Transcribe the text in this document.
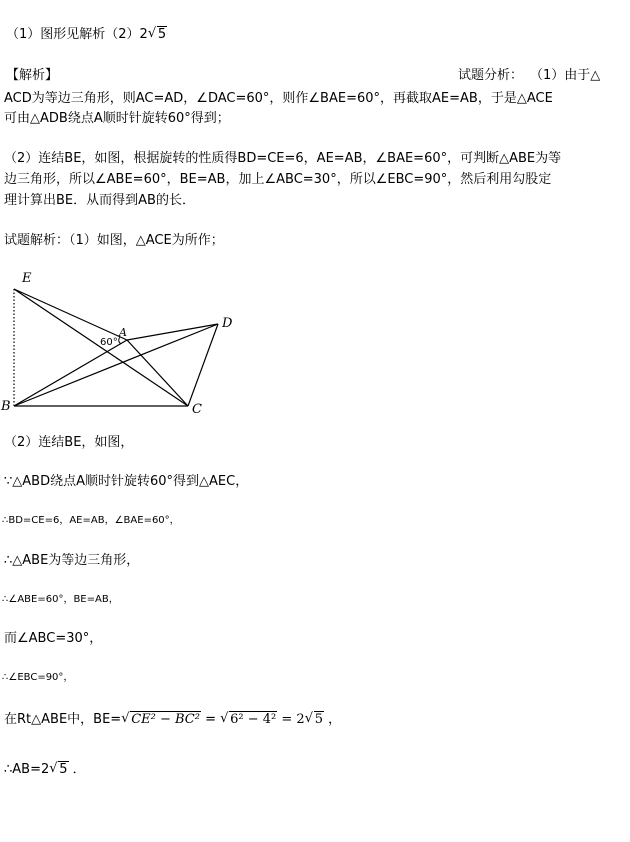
（1）图形见解析（2）2 √ 5
【解析】	试题分析： （1）由于△
ACD为等边三角形，则AC=AD，∠DAC=60°，则作∠BAE=60°，再截取AE=AB，于是△ACE
可由△ADB绕点A顺时针旋转60°得到；
（2）连结BE，如图，根据旋转的性质得BD=CE=6，AE=AB，∠BAE=60°，可判断△ABE为等
边三角形，所以∠ABE=60°，BE=AB，加上∠ABC=30°，所以∠EBC=90°，然后利用勾股定
理计算出BE．从而得到AB的长．
试题解析：（1）如图，△ACE为所作；
E
A
D
B	C
60°
（2）连结BE，如图，
∵△ABD绕点A顺时针旋转60°得到△AEC，
∴BD=CE=6，AE=AB，∠BAE=60°，
∴△ABE为等边三角形，
∴∠ABE=60°，BE=AB，
而∠ABC=30°，
∴∠EBC=90°，
在Rt△ABE中，BE= √ CE² − BC² = √ 6² − 4² = 2 √ 5 ，
∴AB=2 √ 5 ．
